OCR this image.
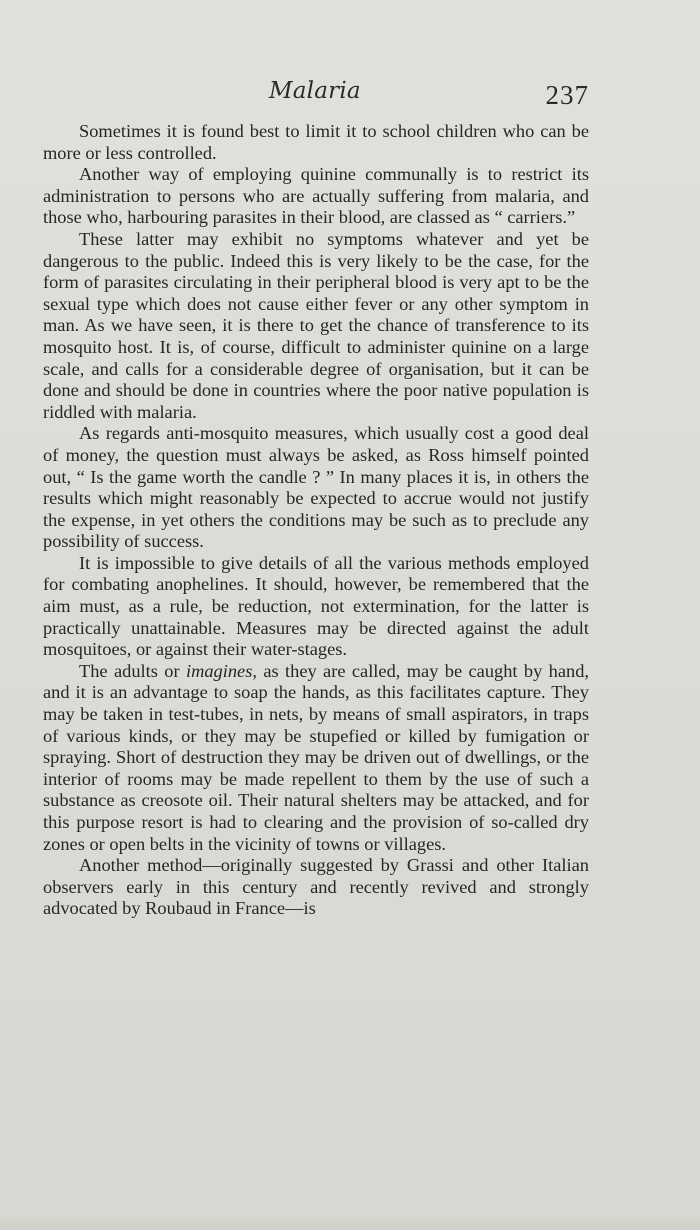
Malaria	237

Sometimes it is found best to limit it to school children who can be more or less controlled.

Another way of employing quinine communally is to restrict its administration to persons who are actually suffering from malaria, and those who, harbouring parasites in their blood, are classed as “ carriers.”

These latter may exhibit no symptoms whatever and yet be dangerous to the public. Indeed this is very likely to be the case, for the form of parasites circulating in their peripheral blood is very apt to be the sexual type which does not cause either fever or any other symptom in man. As we have seen, it is there to get the chance of transference to its mosquito host. It is, of course, difficult to administer quinine on a large scale, and calls for a considerable degree of organisation, but it can be done and should be done in countries where the poor native population is riddled with malaria.

As regards anti-mosquito measures, which usually cost a good deal of money, the question must always be asked, as Ross himself pointed out, “ Is the game worth the candle ? ” In many places it is, in others the results which might reasonably be expected to accrue would not justify the expense, in yet others the conditions may be such as to preclude any possibility of success.

It is impossible to give details of all the various methods employed for combating anophelines. It should, however, be remembered that the aim must, as a rule, be reduction, not extermination, for the latter is practically unattainable. Measures may be directed against the adult mosquitoes, or against their water-stages.

The adults or imagines, as they are called, may be caught by hand, and it is an advantage to soap the hands, as this facilitates capture. They may be taken in test-tubes, in nets, by means of small aspirators, in traps of various kinds, or they may be stupefied or killed by fumigation or spraying. Short of destruction they may be driven out of dwellings, or the interior of rooms may be made repellent to them by the use of such a substance as creosote oil. Their natural shelters may be attacked, and for this purpose resort is had to clearing and the provision of so-called dry zones or open belts in the vicinity of towns or villages.

Another method—originally suggested by Grassi and other Italian observers early in this century and recently revived and strongly advocated by Roubaud in France—is
